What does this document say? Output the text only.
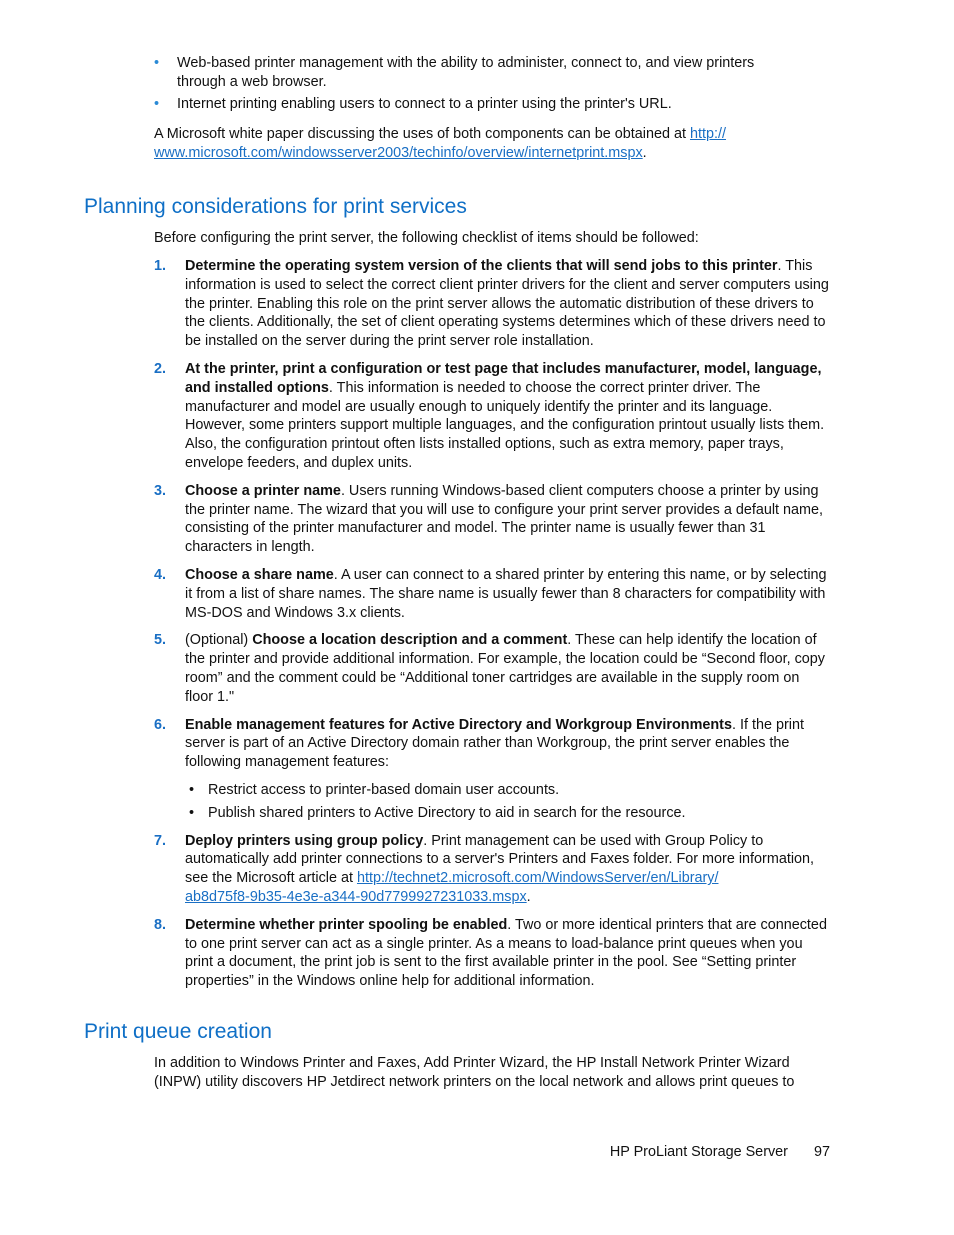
• Web-based printer management with the ability to administer, connect to, and view printers through a web browser.
• Internet printing enabling users to connect to a printer using the printer's URL.

A Microsoft white paper discussing the uses of both components can be obtained at http://
www.microsoft.com/windowsserver2003/techinfo/overview/internetprint.mspx.

Planning considerations for print services

Before configuring the print server, the following checklist of items should be followed:

1. Determine the operating system version of the clients that will send jobs to this printer. This information is used to select the correct client printer drivers for the client and server computers using the printer. Enabling this role on the print server allows the automatic distribution of these drivers to the clients. Additionally, the set of client operating systems determines which of these drivers need to be installed on the server during the print server role installation.
2. At the printer, print a configuration or test page that includes manufacturer, model, language, and installed options. This information is needed to choose the correct printer driver. The manufacturer and model are usually enough to uniquely identify the printer and its language. However, some printers support multiple languages, and the configuration printout usually lists them. Also, the configuration printout often lists installed options, such as extra memory, paper trays, envelope feeders, and duplex units.
3. Choose a printer name. Users running Windows-based client computers choose a printer by using the printer name. The wizard that you will use to configure your print server provides a default name, consisting of the printer manufacturer and model. The printer name is usually fewer than 31 characters in length.
4. Choose a share name. A user can connect to a shared printer by entering this name, or by selecting it from a list of share names. The share name is usually fewer than 8 characters for compatibility with MS-DOS and Windows 3.x clients.
5. (Optional) Choose a location description and a comment. These can help identify the location of the printer and provide additional information. For example, the location could be “Second floor, copy room” and the comment could be “Additional toner cartridges are available in the supply room on floor 1."
6. Enable management features for Active Directory and Workgroup Environments. If the print server is part of an Active Directory domain rather than Workgroup, the print server enables the following management features:
• Restrict access to printer-based domain user accounts.
• Publish shared printers to Active Directory to aid in search for the resource.
7. Deploy printers using group policy. Print management can be used with Group Policy to automatically add printer connections to a server's Printers and Faxes folder. For more information, see the Microsoft article at http://technet2.microsoft.com/WindowsServer/en/Library/
ab8d75f8-9b35-4e3e-a344-90d7799927231033.mspx.
8. Determine whether printer spooling be enabled. Two or more identical printers that are connected to one print server can act as a single printer. As a means to load-balance print queues when you print a document, the print job is sent to the first available printer in the pool. See “Setting printer properties” in the Windows online help for additional information.
Print queue creation

In addition to Windows Printer and Faxes, Add Printer Wizard, the HP Install Network Printer Wizard (INPW) utility discovers HP Jetdirect network printers on the local network and allows print queues to

HP ProLiant Storage Server 97
